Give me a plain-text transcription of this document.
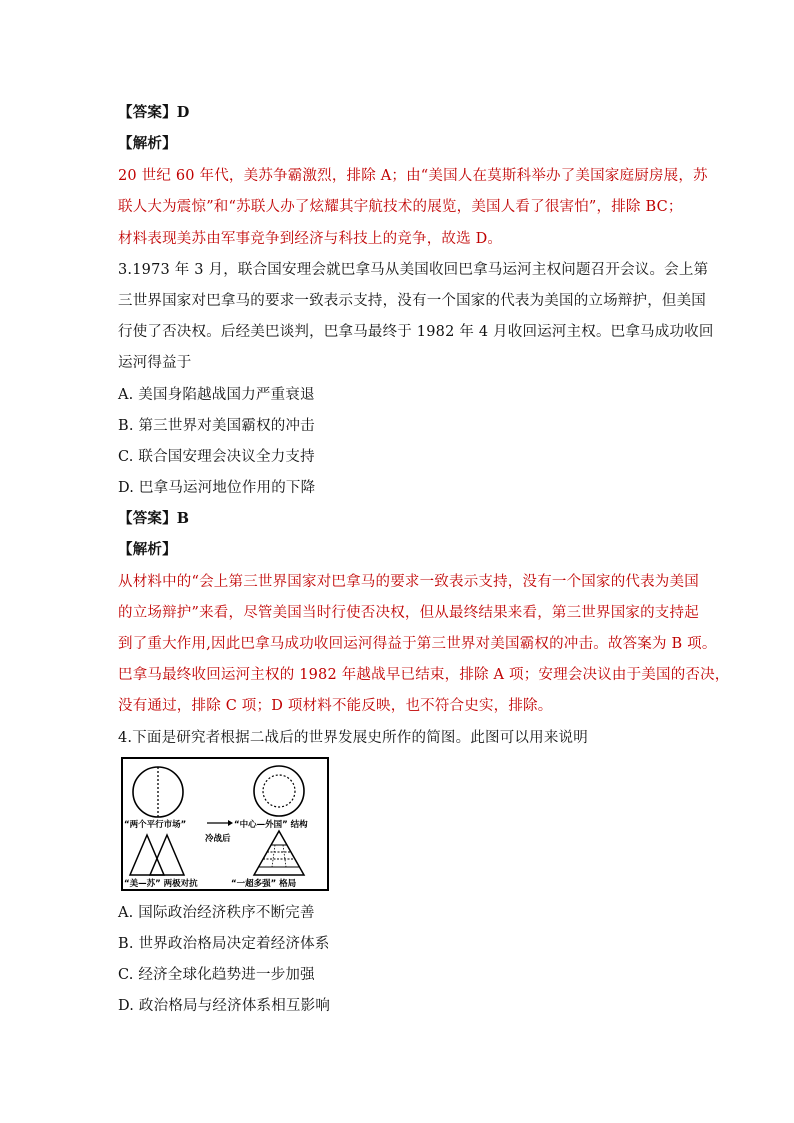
【答案】D
【解析】
20 世纪 60 年代，美苏争霸激烈，排除 A；由“美国人在莫斯科举办了美国家庭厨房展，苏
联人大为震惊”和“苏联人办了炫耀其宇航技术的展览，美国人看了很害怕”，排除 BC；
材料表现美苏由军事竞争到经济与科技上的竞争，故选 D。
3.1973 年 3 月，联合国安理会就巴拿马从美国收回巴拿马运河主权问题召开会议。会上第
三世界国家对巴拿马的要求一致表示支持，没有一个国家的代表为美国的立场辩护，但美国
行使了否决权。后经美巴谈判，巴拿马最终于 1982 年 4 月收回运河主权。巴拿马成功收回
运河得益于
A. 美国身陷越战国力严重衰退
B. 第三世界对美国霸权的冲击
C. 联合国安理会决议全力支持
D. 巴拿马运河地位作用的下降
【答案】B
【解析】
从材料中的“会上第三世界国家对巴拿马的要求一致表示支持，没有一个国家的代表为美国
的立场辩护”来看，尽管美国当时行使否决权，但从最终结果来看，第三世界国家的支持起
到了重大作用,因此巴拿马成功收回运河得益于第三世界对美国霸权的冲击。故答案为 B 项。
巴拿马最终收回运河主权的 1982 年越战早已结束，排除 A 项；安理会决议由于美国的否决，
没有通过，排除 C 项；D 项材料不能反映，也不符合史实，排除。
4.下面是研究者根据二战后的世界发展史所作的简图。此图可以用来说明
“两个平行市场”	“中心—外国” 结构
冷战后
“美—苏” 两极对抗	“一超多强” 格局
A. 国际政治经济秩序不断完善
B. 世界政治格局决定着经济体系
C. 经济全球化趋势进一步加强
D. 政治格局与经济体系相互影响
